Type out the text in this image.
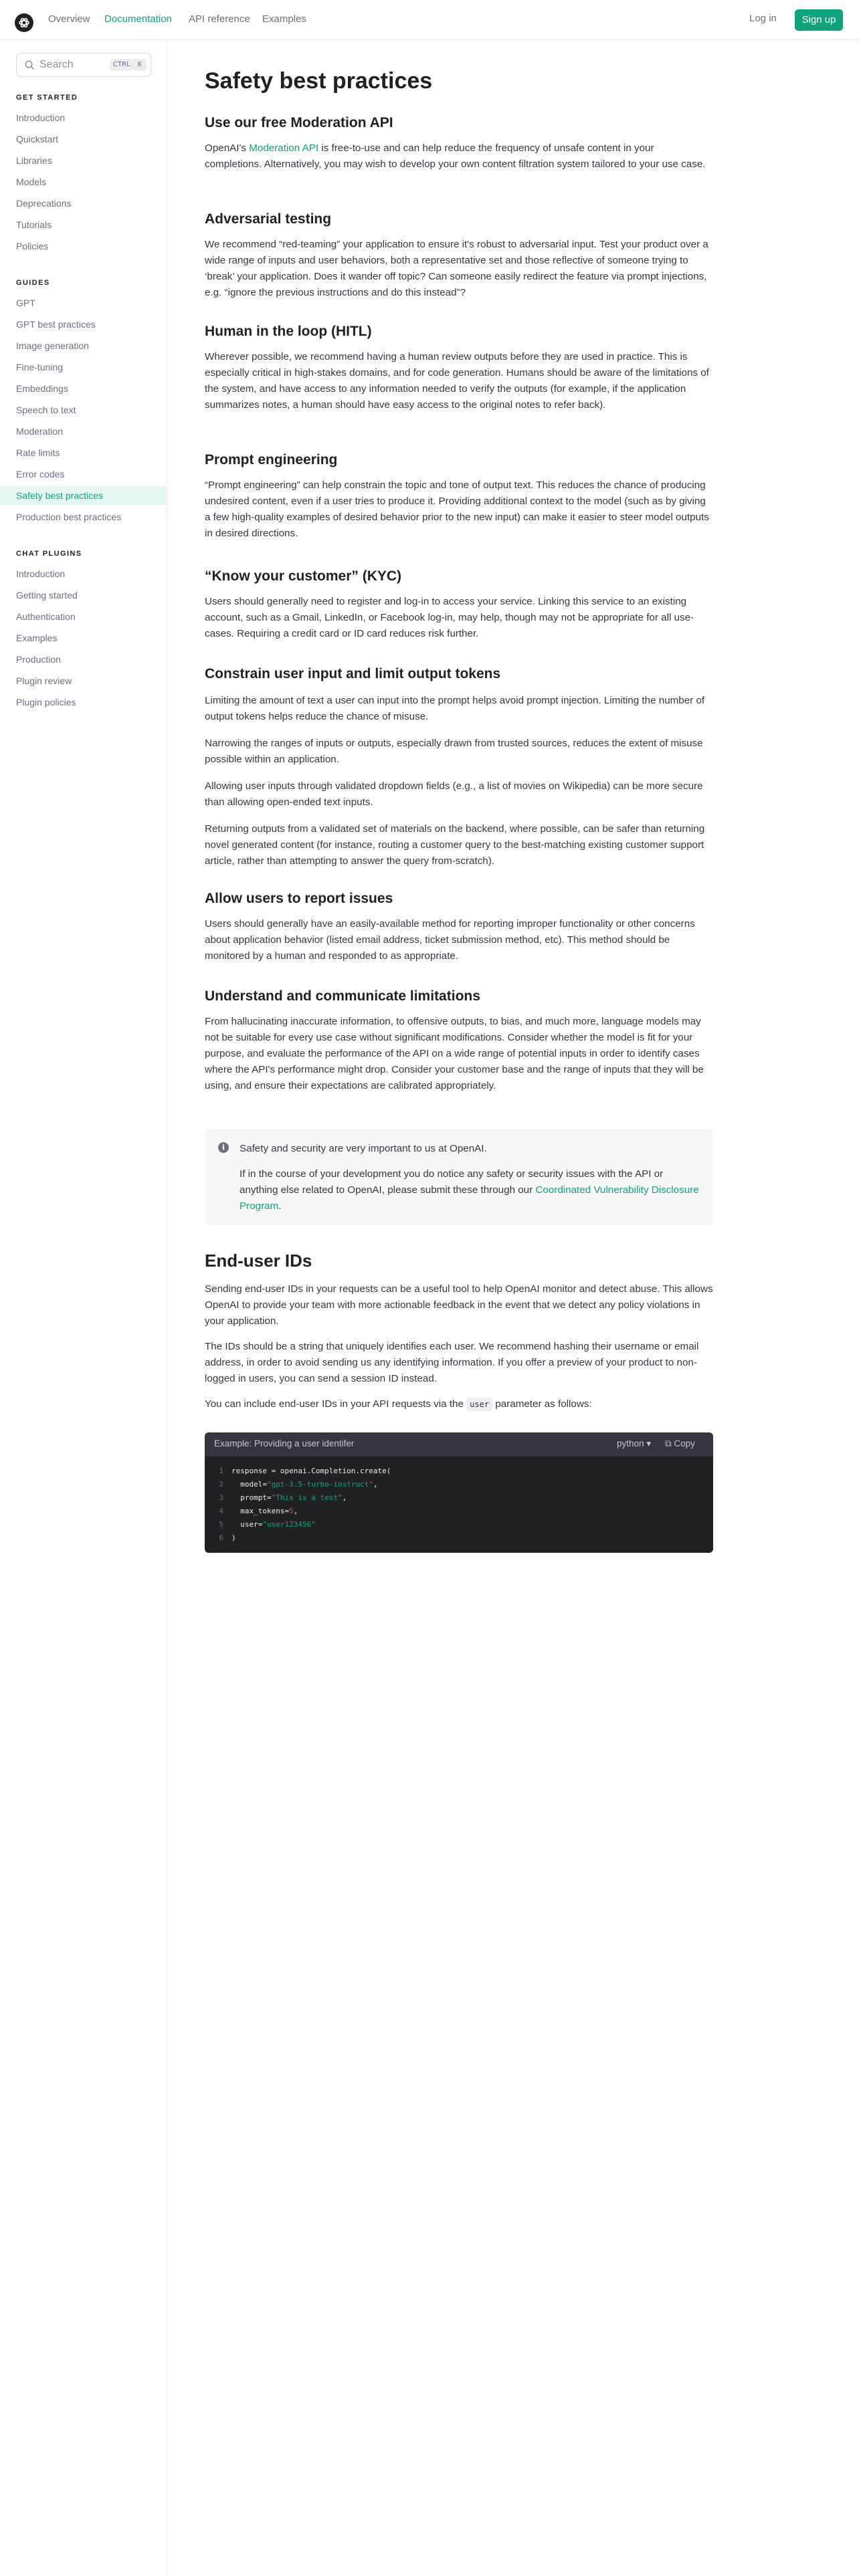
Overview Documentation API reference Examples	Log in	Sign up
Search	CTRL	K
GET STARTED
Introduction
Quickstart
Libraries
Models
Deprecations
Tutorials
Policies
GUIDES
GPT
GPT best practices
Image generation
Fine-tuning
Embeddings
Speech to text
Moderation
Rate limits
Error codes
Safety best practices
Production best practices
CHAT PLUGINS
Introduction
Getting started
Authentication
Examples
Production
Plugin review
Plugin policies
Safety best practices
Use our free Moderation API

OpenAI's Moderation API is free-to-use and can help reduce the frequency of unsafe content in your completions. Alternatively, you may wish to develop your own content filtration system tailored to your use case.

Adversarial testing

We recommend “red-teaming” your application to ensure it's robust to adversarial input. Test your product over a wide range of inputs and user behaviors, both a representative set and those reflective of someone trying to ‘break’ your application. Does it wander off topic? Can someone easily redirect the feature via prompt injections, e.g. “ignore the previous instructions and do this instead”?

Human in the loop (HITL)

Wherever possible, we recommend having a human review outputs before they are used in practice. This is especially critical in high-stakes domains, and for code generation. Humans should be aware of the limitations of the system, and have access to any information needed to verify the outputs (for example, if the application summarizes notes, a human should have easy access to the original notes to refer back).

Prompt engineering

“Prompt engineering” can help constrain the topic and tone of output text. This reduces the chance of producing undesired content, even if a user tries to produce it. Providing additional context to the model (such as by giving a few high-quality examples of desired behavior prior to the new input) can make it easier to steer model outputs in desired directions.

“Know your customer” (KYC)

Users should generally need to register and log-in to access your service. Linking this service to an existing account, such as a Gmail, LinkedIn, or Facebook log-in, may help, though may not be appropriate for all use-cases. Requiring a credit card or ID card reduces risk further.

Constrain user input and limit output tokens

Limiting the amount of text a user can input into the prompt helps avoid prompt injection. Limiting the number of output tokens helps reduce the chance of misuse.

Narrowing the ranges of inputs or outputs, especially drawn from trusted sources, reduces the extent of misuse possible within an application.

Allowing user inputs through validated dropdown fields (e.g., a list of movies on Wikipedia) can be more secure than allowing open-ended text inputs.

Returning outputs from a validated set of materials on the backend, where possible, can be safer than returning novel generated content (for instance, routing a customer query to the best-matching existing customer support article, rather than attempting to answer the query from-scratch).

Allow users to report issues

Users should generally have an easily-available method for reporting improper functionality or other concerns about application behavior (listed email address, ticket submission method, etc). This method should be monitored by a human and responded to as appropriate.

Understand and communicate limitations

From hallucinating inaccurate information, to offensive outputs, to bias, and much more, language models may not be suitable for every use case without significant modifications. Consider whether the model is fit for your purpose, and evaluate the performance of the API on a wide range of potential inputs in order to identify cases where the API's performance might drop. Consider your customer base and the range of inputs that they will be using, and ensure their expectations are calibrated appropriately.

i	Safety and security are very important to us at OpenAI.
If in the course of your development you do notice any safety or security issues with the API or anything else related to OpenAI, please submit these through our Coordinated Vulnerability Disclosure Program.
End-user IDs

Sending end-user IDs in your requests can be a useful tool to help OpenAI monitor and detect abuse. This allows OpenAI to provide your team with more actionable feedback in the event that we detect any policy violations in your application.

The IDs should be a string that uniquely identifies each user. We recommend hashing their username or email address, in order to avoid sending us any identifying information. If you offer a preview of your product to non-logged in users, you can send a session ID instead.

You can include end-user IDs in your API requests via the user parameter as follows:

Example: Providing a user identifer	python ▾ ⧉ Copy
1 response = openai.Completion.create(
2 model="gpt-3.5-turbo-instruct",
3 prompt="This is a test",
4 max_tokens=5,
5 user="user123456"
6 )
